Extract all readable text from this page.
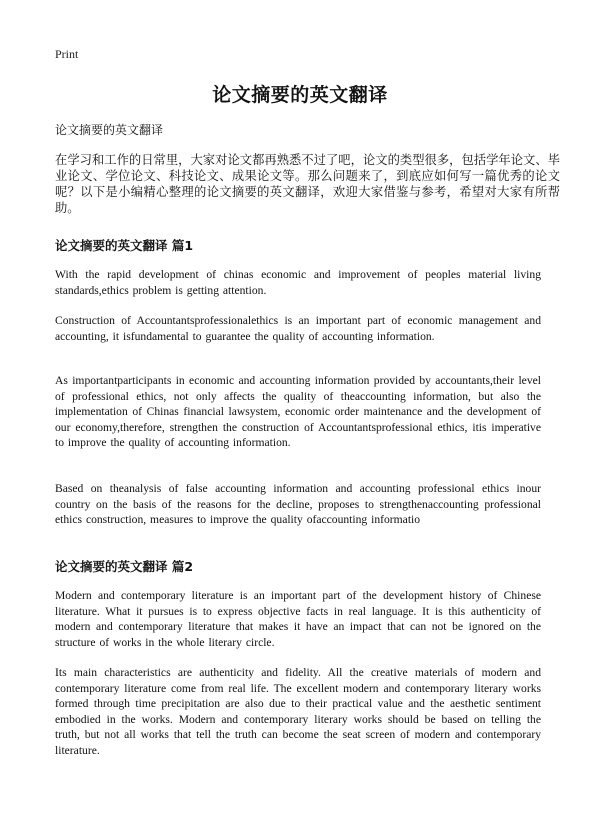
Print
论文摘要的英文翻译
论文摘要的英文翻译

在学习和工作的日常里，大家对论文都再熟悉不过了吧，论文的类型很多，包括学年论文、毕业论文、学位论文、科技论文、成果论文等。那么问题来了，到底应如何写一篇优秀的论文呢？以下是小编精心整理的论文摘要的英文翻译，欢迎大家借鉴与参考，希望对大家有所帮助。

论文摘要的英文翻译 篇1

With the rapid development of chinas economic and improvement of peoples material living standards,ethics problem is getting attention.

Construction of Accountantsprofessionalethics is an important part of economic management and accounting, it isfundamental to guarantee the quality of accounting information.

As importantparticipants in economic and accounting information provided by accountants,their level of professional ethics, not only affects the quality of theaccounting information, but also the implementation of Chinas financial lawsystem, economic order maintenance and the development of our economy,therefore, strengthen the construction of Accountantsprofessional ethics, itis imperative to improve the quality of accounting information.

Based on theanalysis of false accounting information and accounting professional ethics inour country on the basis of the reasons for the decline, proposes to strengthenaccounting professional ethics construction, measures to improve the quality ofaccounting informatio

论文摘要的英文翻译 篇2

Modern and contemporary literature is an important part of the development history of Chinese literature. What it pursues is to express objective facts in real language. It is this authenticity of modern and contemporary literature that makes it have an impact that can not be ignored on the structure of works in the whole literary circle.

Its main characteristics are authenticity and fidelity. All the creative materials of modern and contemporary literature come from real life. The excellent modern and contemporary literary works formed through time precipitation are also due to their practical value and the aesthetic sentiment embodied in the works. Modern and contemporary literary works should be based on telling the truth, but not all works that tell the truth can become the seat screen of modern and contemporary literature.
